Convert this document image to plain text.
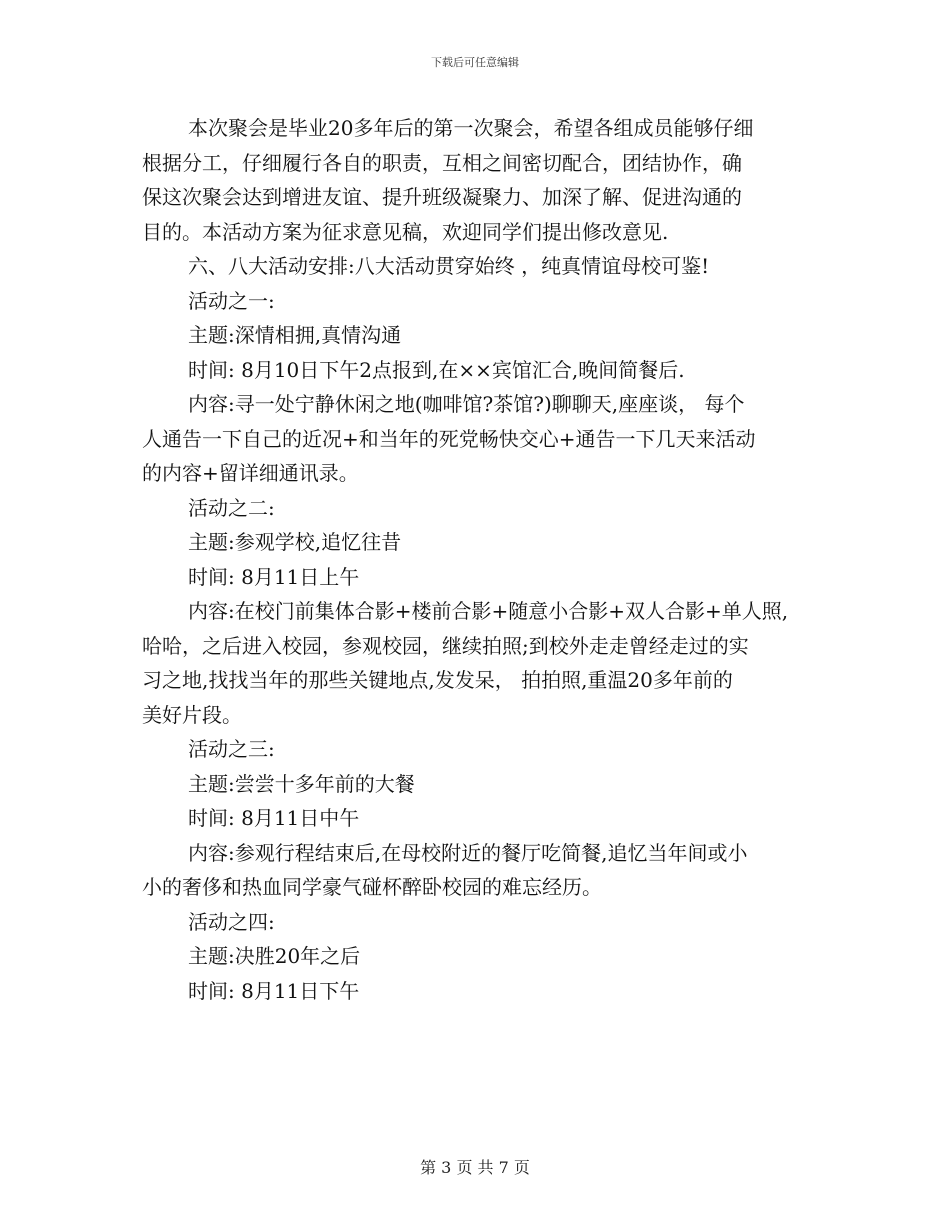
下载后可任意编辑

本次聚会是毕业20多年后的第一次聚会，希望各组成员能够仔细

根据分工，仔细履行各自的职责，互相之间密切配合，团结协作，确

保这次聚会达到增进友谊、提升班级凝聚力、加深了解、促进沟通的

目的。本活动方案为征求意见稿，欢迎同学们提出修改意见.

六、八大活动安排:八大活动贯穿始终 ，纯真情谊母校可鉴!

活动之一:

主题:深情相拥,真情沟通

时间: 8月10日下午2点报到,在××宾馆汇合,晚间简餐后.

内容:寻一处宁静休闲之地(咖啡馆?茶馆?)聊聊天,座座谈， 每个

人通告一下自己的近况+和当年的死党畅快交心+通告一下几天来活动

的内容+留详细通讯录。

活动之二:

主题:参观学校,追忆往昔

时间: 8月11日上午

内容:在校门前集体合影+楼前合影+随意小合影+双人合影+单人照,

哈哈，之后进入校园，参观校园，继续拍照;到校外走走曾经走过的实

习之地,找找当年的那些关键地点,发发呆， 拍拍照,重温20多年前的

美好片段。

活动之三:

主题:尝尝十多年前的大餐

时间: 8月11日中午

内容:参观行程结束后,在母校附近的餐厅吃简餐,追忆当年间或小

小的奢侈和热血同学豪气碰杯醉卧校园的难忘经历。

活动之四:

主题:决胜20年之后

时间: 8月11日下午

第 3 页 共 7 页
